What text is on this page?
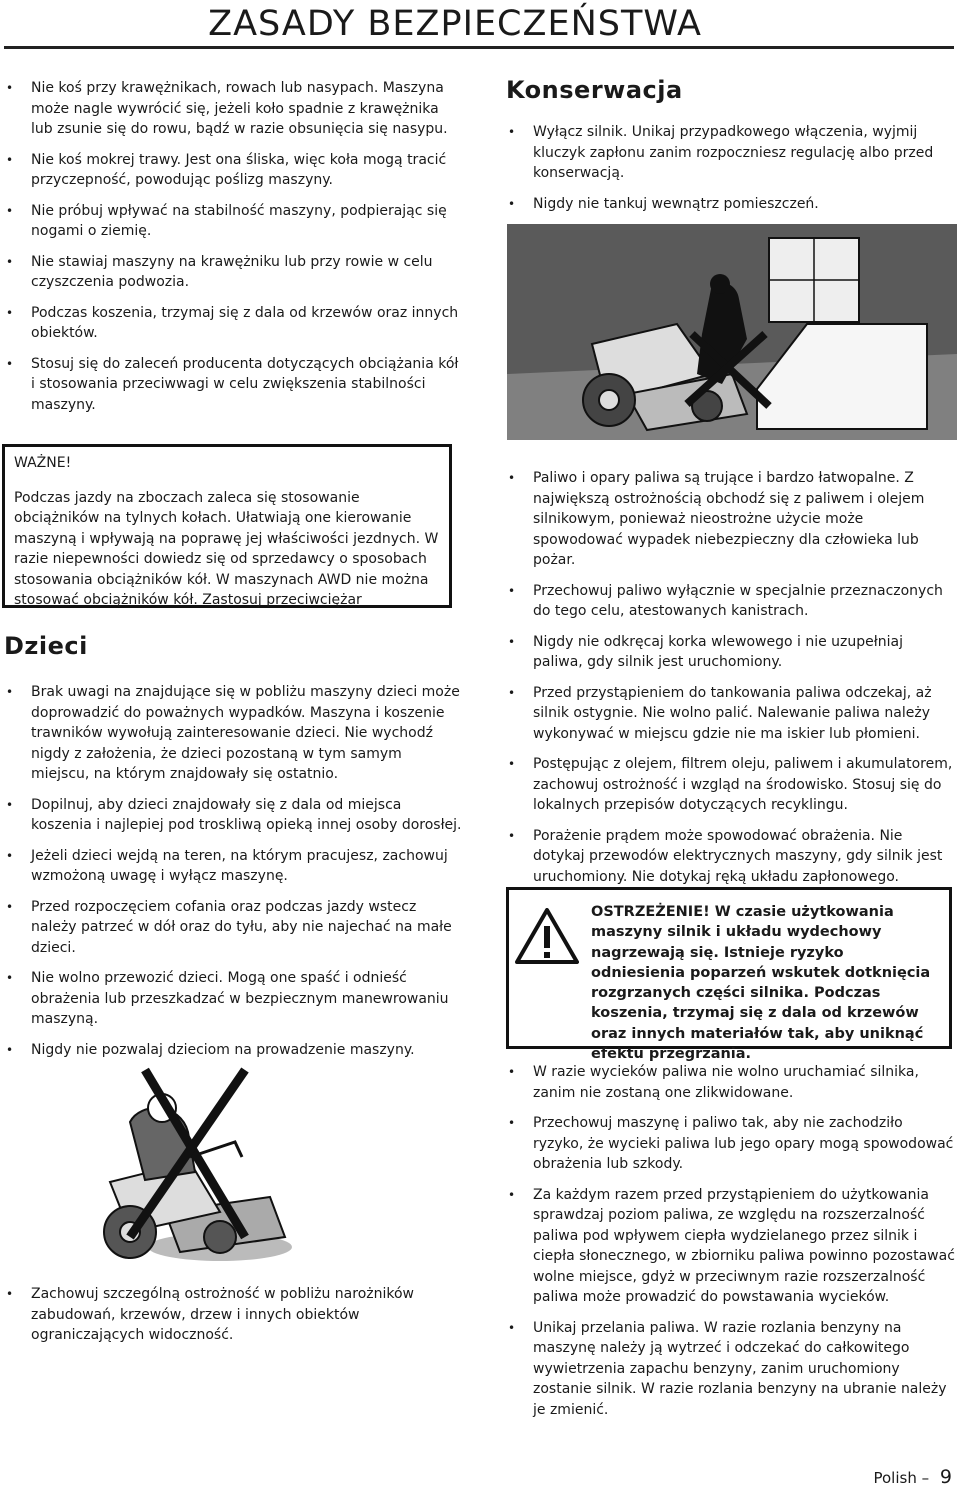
ZASADY BEZPIECZEŃSTWA
• Nie koś przy krawężnikach, rowach lub nasypach. Maszyna może nagle wywrócić się, jeżeli koło spadnie z krawężnika lub zsunie się do rowu, bądź w razie obsunięcia się nasypu.
• Nie koś mokrej trawy. Jest ona śliska, więc koła mogą tracić przyczepność, powodując poślizg maszyny.
• Nie próbuj wpływać na stabilność maszyny, podpierając się nogami o ziemię.
• Nie stawiaj maszyny na krawężniku lub przy rowie w celu czyszczenia podwozia.
• Podczas koszenia, trzymaj się z dala od krzewów oraz innych obiektów.
• Stosuj się do zaleceń producenta dotyczących obciążania kół i stosowania przeciwwagi w celu zwiększenia stabilności maszyny.
WAŻNE!
Podczas jazdy na zboczach zaleca się stosowanie obciążników na tylnych kołach. Ułatwiają one kierowanie maszyną i wpływają na poprawę jej właściwości jezdnych. W razie niepewności dowiedz się od sprzedawcy o sposobach stosowania obciążników kół. W maszynach AWD nie można stosować obciążników kół. Zastosuj przeciwciężar
Dzieci
• Brak uwagi na znajdujące się w pobliżu maszyny dzieci może doprowadzić do poważnych wypadków. Maszyna i koszenie trawników wywołują zainteresowanie dzieci. Nie wychodź nigdy z założenia, że dzieci pozostaną w tym samym miejscu, na którym znajdowały się ostatnio.
• Dopilnuj, aby dzieci znajdowały się z dala od miejsca koszenia i najlepiej pod troskliwą opieką innej osoby dorosłej.
• Jeżeli dzieci wejdą na teren, na którym pracujesz, zachowuj wzmożoną uwagę i wyłącz maszynę.
• Przed rozpoczęciem cofania oraz podczas jazdy wstecz należy patrzeć w dół oraz do tyłu, aby nie najechać na małe dzieci.
• Nie wolno przewozić dzieci. Mogą one spaść i odnieść obrażenia lub przeszkadzać w bezpiecznym manewrowaniu maszyną.
• Nigdy nie pozwalaj dzieciom na prowadzenie maszyny.
• Zachowuj szczególną ostrożność w pobliżu narożników zabudowań, krzewów, drzew i innych obiektów ograniczających widoczność.
Konserwacja
• Wyłącz silnik. Unikaj przypadkowego włączenia, wyjmij kluczyk zapłonu zanim rozpoczniesz regulację albo przed konserwacją.
• Nigdy nie tankuj wewnątrz pomieszczeń.
• Paliwo i opary paliwa są trujące i bardzo łatwopalne. Z największą ostrożnością obchodź się z paliwem i olejem silnikowym, ponieważ nieostrożne użycie może spowodować wypadek niebezpieczny dla człowieka lub pożar.
• Przechowuj paliwo wyłącznie w specjalnie przeznaczonych do tego celu, atestowanych kanistrach.
• Nigdy nie odkręcaj korka wlewowego i nie uzupełniaj paliwa, gdy silnik jest uruchomiony.
• Przed przystąpieniem do tankowania paliwa odczekaj, aż silnik ostygnie. Nie wolno palić. Nalewanie paliwa należy wykonywać w miejscu gdzie nie ma iskier lub płomieni.
• Postępując z olejem, filtrem oleju, paliwem i akumulatorem, zachowuj ostrożność i wzgląd na środowisko. Stosuj się do lokalnych przepisów dotyczących recyklingu.
• Porażenie prądem może spowodować obrażenia. Nie dotykaj przewodów elektrycznych maszyny, gdy silnik jest uruchomiony. Nie dotykaj ręką układu zapłonowego.
OSTRZEŻENIE! W czasie użytkowania maszyny silnik i układu wydechowy nagrzewają się. Istnieje ryzyko odniesienia poparzeń wskutek dotknięcia rozgrzanych części silnika. Podczas koszenia, trzymaj się z dala od krzewów oraz innych materiałów tak, aby uniknąć efektu przegrzania.
• W razie wycieków paliwa nie wolno uruchamiać silnika, zanim nie zostaną one zlikwidowane.
• Przechowuj maszynę i paliwo tak, aby nie zachodziło ryzyko, że wycieki paliwa lub jego opary mogą spowodować obrażenia lub szkody.
• Za każdym razem przed przystąpieniem do użytkowania sprawdzaj poziom paliwa, ze względu na rozszerzalność paliwa pod wpływem ciepła wydzielanego przez silnik i ciepła słonecznego, w zbiorniku paliwa powinno pozostawać wolne miejsce, gdyż w przeciwnym razie rozszerzalność paliwa może prowadzić do powstawania wycieków.
• Unikaj przelania paliwa. W razie rozlania benzyny na maszynę należy ją wytrzeć i odczekać do całkowitego wywietrzenia zapachu benzyny, zanim uruchomiony zostanie silnik. W razie rozlania benzyny na ubranie należy je zmienić.
Polish – 9
